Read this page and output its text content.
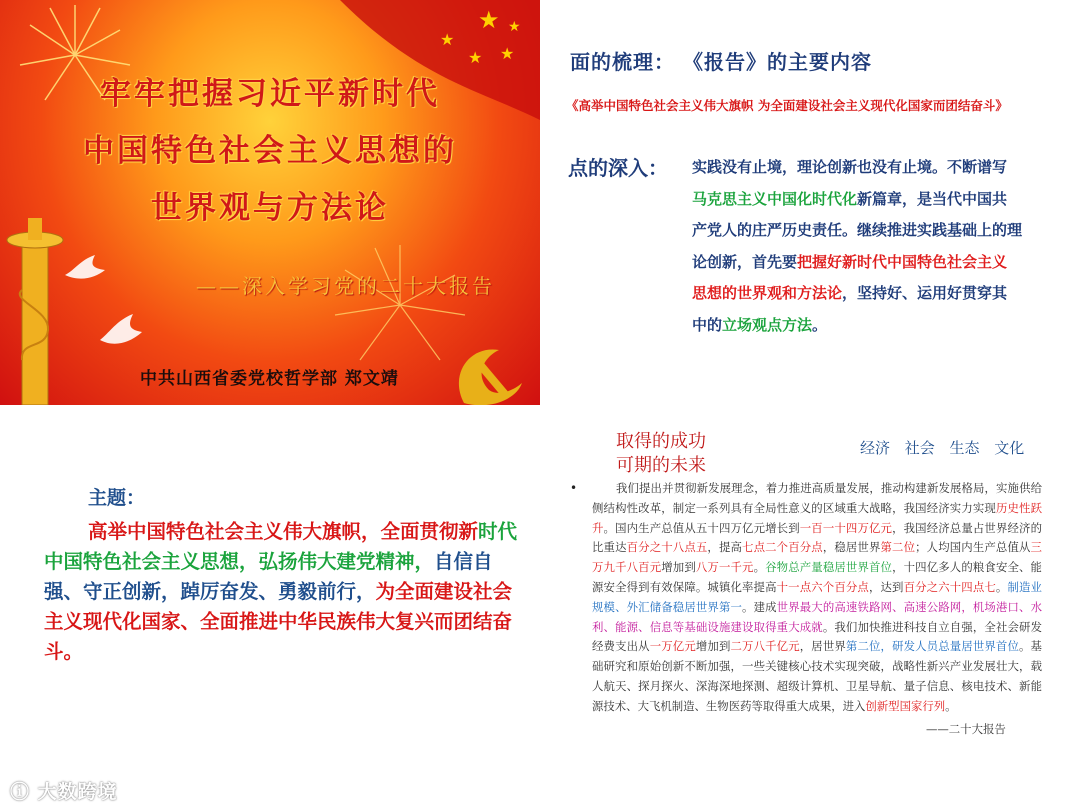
★
★
★ ★
★
牢牢把握习近平新时代
中国特色社会主义思想的
世界观与方法论
——深入学习党的二十大报告
中共山西省委党校哲学部 郑文靖
面的梳理： 《报告》的主要内容
《高举中国特色社会主义伟大旗帜 为全面建设社会主义现代化国家而团结奋斗》
点的深入： 实践没有止境，理论创新也没有止境。不断谱写马克思主义中国化时代化新篇章，是当代中国共产党人的庄严历史责任。继续推进实践基础上的理论创新，首先要把握好新时代中国特色社会主义思想的世界观和方法论，坚持好、运用好贯穿其中的立场观点方法。
主题：
高举中国特色社会主义伟大旗帜，全面贯彻新时代中国特色社会主义思想，弘扬伟大建党精神，自信自强、守正创新，踔厉奋发、勇毅前行，为全面建设社会主义现代化国家、全面推进中华民族伟大复兴而团结奋斗。
ⓘ 大数跨境
取得的成功
可期的未来
经济 社会 生态 文化
•	我们提出并贯彻新发展理念，着力推进高质量发展，推动构建新发展格局，实施供给侧结构性改革，制定一系列具有全局性意义的区域重大战略，我国经济实力实现历史性跃升。国内生产总值从五十四万亿元增长到一百一十四万亿元，我国经济总量占世界经济的比重达百分之十八点五，提高七点二个百分点，稳居世界第二位；人均国内生产总值从三万九千八百元增加到八万一千元。谷物总产量稳居世界首位，十四亿多人的粮食安全、能源安全得到有效保障。城镇化率提高十一点六个百分点，达到百分之六十四点七。制造业规模、外汇储备稳居世界第一。建成世界最大的高速铁路网、高速公路网，机场港口、水利、能源、信息等基础设施建设取得重大成就。我们加快推进科技自立自强，全社会研发经费支出从一万亿元增加到二万八千亿元，居世界第二位，研发人员总量居世界首位。基础研究和原始创新不断加强，一些关键核心技术实现突破，战略性新兴产业发展壮大，载人航天、探月探火、深海深地探测、超级计算机、卫星导航、量子信息、核电技术、新能源技术、大飞机制造、生物医药等取得重大成果，进入创新型国家行列。
——二十大报告
